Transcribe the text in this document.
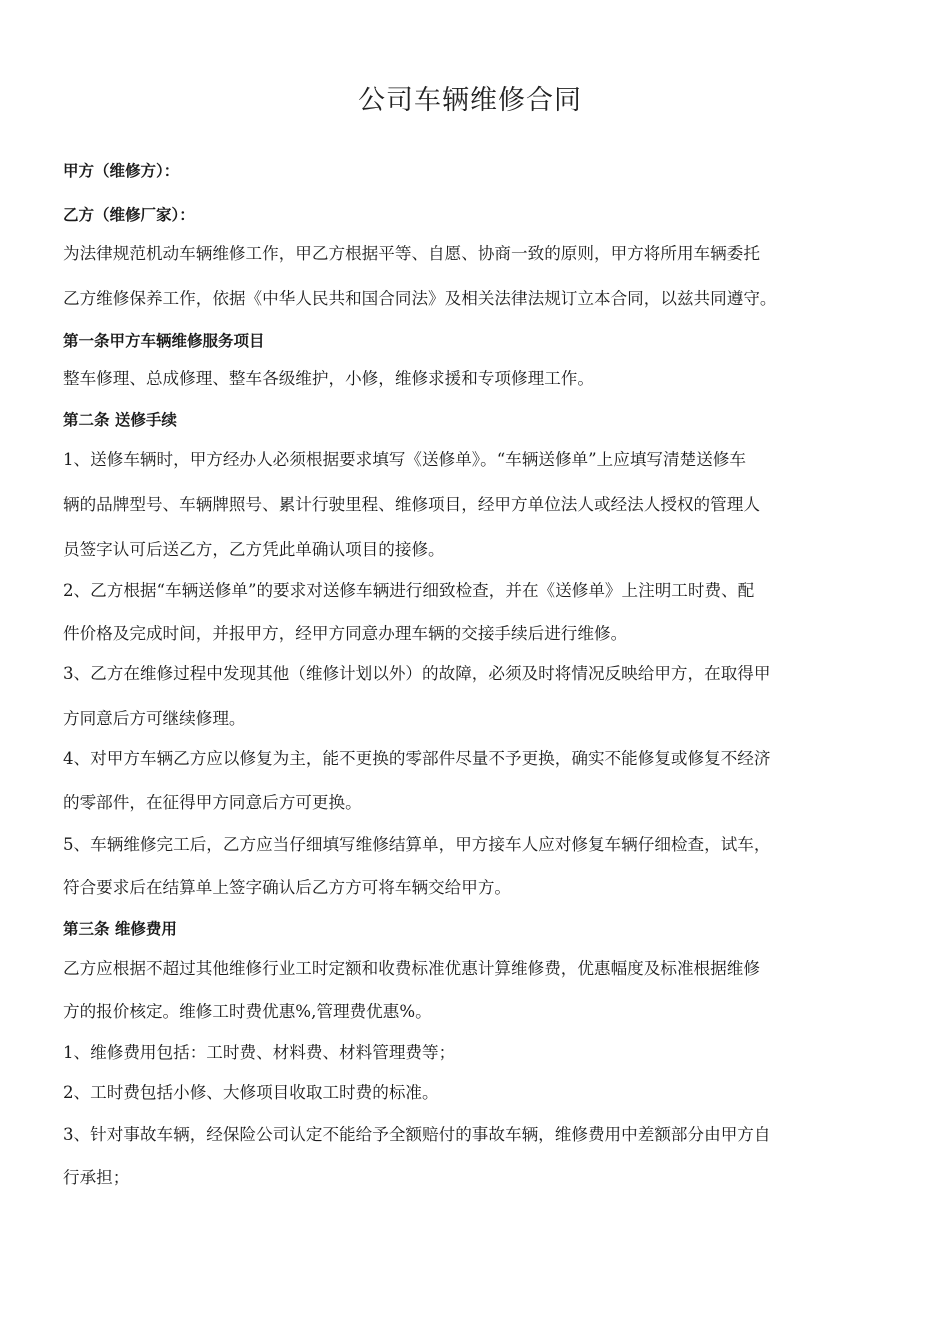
公司车辆维修合同
甲方（维修方）：
乙方（维修厂家）：
为法律规范机动车辆维修工作，甲乙方根据平等、自愿、协商一致的原则，甲方将所用车辆委托
乙方维修保养工作，依据《中华人民共和国合同法》及相关法律法规订立本合同，以兹共同遵守。
第一条甲方车辆维修服务项目
整车修理、总成修理、整车各级维护，小修，维修求援和专项修理工作。
第二条 送修手续
1、送修车辆时，甲方经办人必须根据要求填写《送修单》。“车辆送修单”上应填写清楚送修车
辆的品牌型号、车辆牌照号、累计行驶里程、维修项目，经甲方单位法人或经法人授权的管理人
员签字认可后送乙方，乙方凭此单确认项目的接修。
2、乙方根据“车辆送修单”的要求对送修车辆进行细致检查，并在《送修单》上注明工时费、配
件价格及完成时间，并报甲方，经甲方同意办理车辆的交接手续后进行维修。
3、乙方在维修过程中发现其他（维修计划以外）的故障，必须及时将情况反映给甲方，在取得甲
方同意后方可继续修理。
4、对甲方车辆乙方应以修复为主，能不更换的零部件尽量不予更换，确实不能修复或修复不经济
的零部件，在征得甲方同意后方可更换。
5、车辆维修完工后，乙方应当仔细填写维修结算单，甲方接车人应对修复车辆仔细检查，试车，
符合要求后在结算单上签字确认后乙方方可将车辆交给甲方。
第三条 维修费用
乙方应根据不超过其他维修行业工时定额和收费标准优惠计算维修费，优惠幅度及标准根据维修
方的报价核定。维修工时费优惠%,管理费优惠%。
1、维修费用包括：工时费、材料费、材料管理费等；
2、工时费包括小修、大修项目收取工时费的标准。
3、针对事故车辆，经保险公司认定不能给予全额赔付的事故车辆，维修费用中差额部分由甲方自
行承担；
